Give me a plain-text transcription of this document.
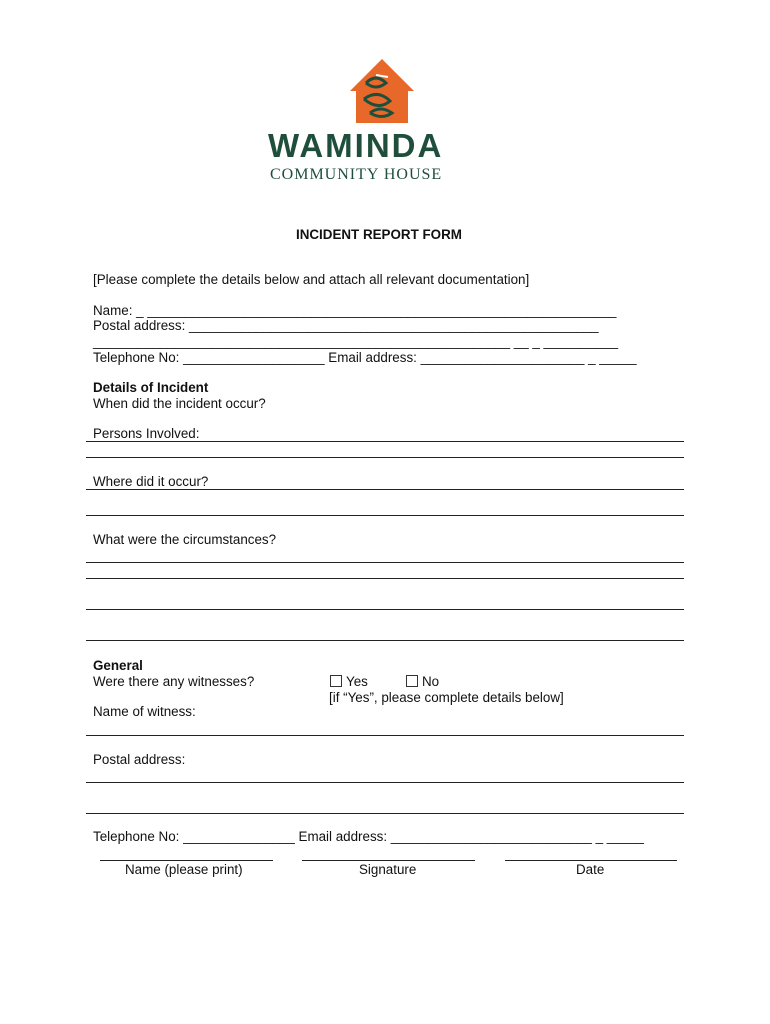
WAMINDA
COMMUNITY HOUSE
INCIDENT REPORT FORM
[Please complete the details below and attach all relevant documentation]
Name: _ _______________________________________________________________
Postal address: _______________________________________________________
________________________________________________________ __ _ __________
Telephone No: ___________________ Email address: ______________________ _ _____
Details of Incident
When did the incident occur?
Persons Involved:
Where did it occur?
What were the circumstances?
General
Were there any witnesses?	Yes	No
[if “Yes”, please complete details below]
Name of witness:
Postal address:
Telephone No: _______________ Email address: ___________________________ _ _____
Name (please print)	Signature	Date
